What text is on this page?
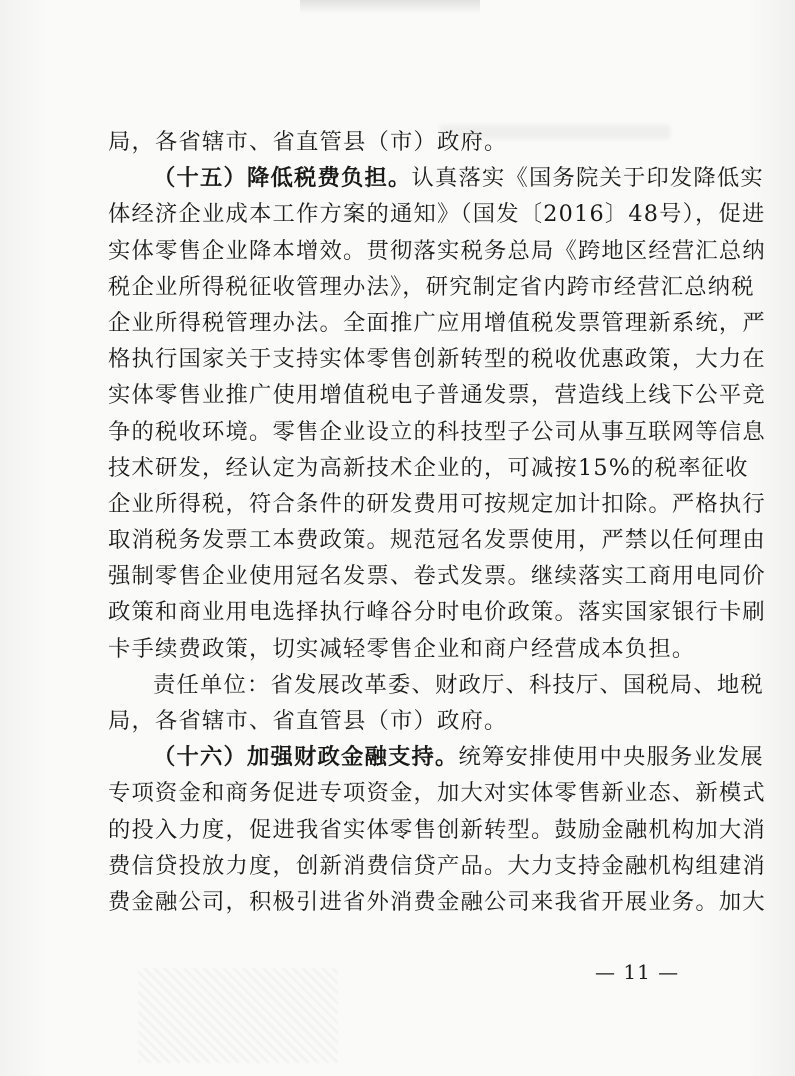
局，各省辖市、省直管县（市）政府。
（十五）降低税费负担。认真落实《国务院关于印发降低实
体经济企业成本工作方案的通知》（国发〔2016〕48号），促进
实体零售企业降本增效。贯彻落实税务总局《跨地区经营汇总纳
税企业所得税征收管理办法》，研究制定省内跨市经营汇总纳税
企业所得税管理办法。全面推广应用增值税发票管理新系统，严
格执行国家关于支持实体零售创新转型的税收优惠政策，大力在
实体零售业推广使用增值税电子普通发票，营造线上线下公平竞
争的税收环境。零售企业设立的科技型子公司从事互联网等信息
技术研发，经认定为高新技术企业的，可减按15%的税率征收
企业所得税，符合条件的研发费用可按规定加计扣除。严格执行
取消税务发票工本费政策。规范冠名发票使用，严禁以任何理由
强制零售企业使用冠名发票、卷式发票。继续落实工商用电同价
政策和商业用电选择执行峰谷分时电价政策。落实国家银行卡刷
卡手续费政策，切实减轻零售企业和商户经营成本负担。
责任单位：省发展改革委、财政厅、科技厅、国税局、地税
局，各省辖市、省直管县（市）政府。
（十六）加强财政金融支持。统筹安排使用中央服务业发展
专项资金和商务促进专项资金，加大对实体零售新业态、新模式
的投入力度，促进我省实体零售创新转型。鼓励金融机构加大消
费信贷投放力度，创新消费信贷产品。大力支持金融机构组建消
费金融公司，积极引进省外消费金融公司来我省开展业务。加大
— 11 —
